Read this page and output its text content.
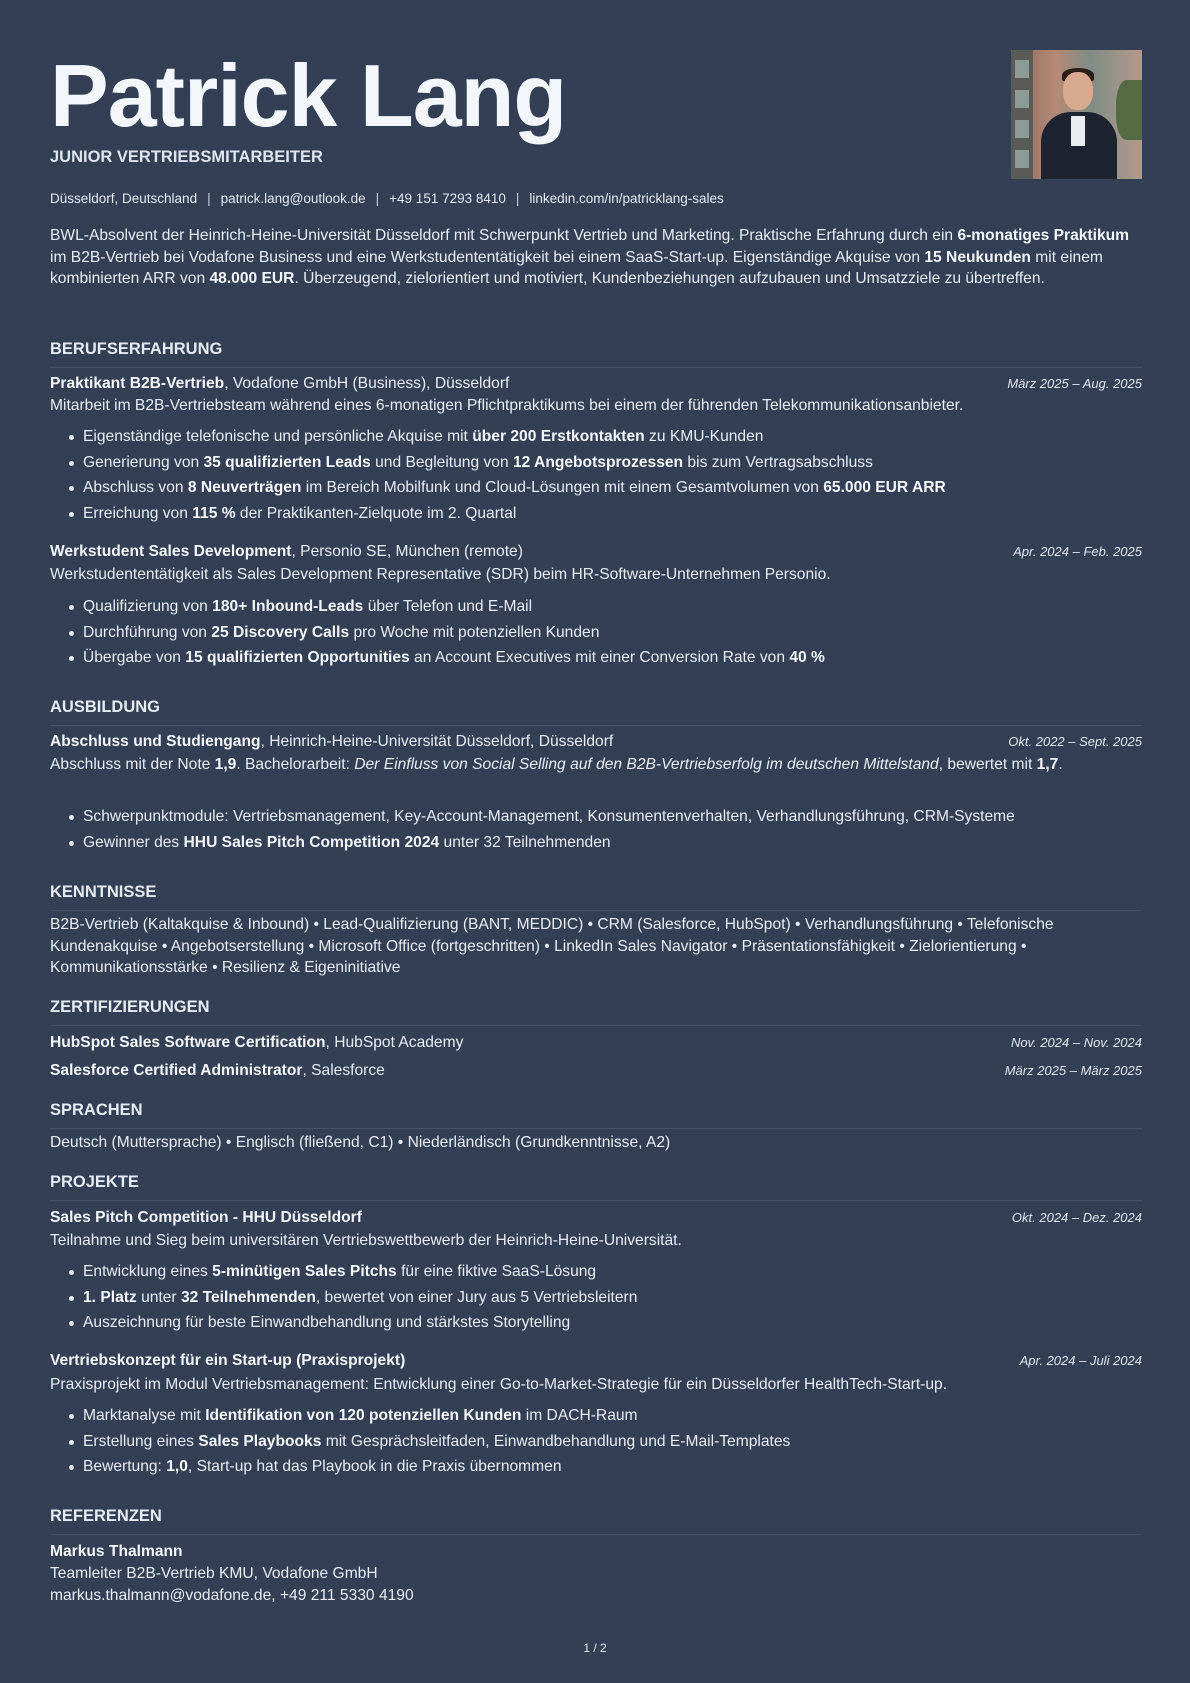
Patrick Lang
JUNIOR VERTRIEBSMITARBEITER
Düsseldorf, Deutschland | patrick.lang@outlook.de | +49 151 7293 8410 | linkedin.com/in/patricklang-sales
BWL-Absolvent der Heinrich-Heine-Universität Düsseldorf mit Schwerpunkt Vertrieb und Marketing. Praktische Erfahrung durch ein 6-monatiges Praktikum im B2B-Vertrieb bei Vodafone Business und eine Werkstudententätigkeit bei einem SaaS-Start-up. Eigenständige Akquise von 15 Neukunden mit einem kombinierten ARR von 48.000 EUR. Überzeugend, zielorientiert und motiviert, Kundenbeziehungen aufzubauen und Umsatzziele zu übertreffen.
BERUFSERFAHRUNG
Praktikant B2B-Vertrieb, Vodafone GmbH (Business), Düsseldorf	März 2025 – Aug. 2025
Mitarbeit im B2B-Vertriebsteam während eines 6-monatigen Pflichtpraktikums bei einem der führenden Telekommunikationsanbieter.
Eigenständige telefonische und persönliche Akquise mit über 200 Erstkontakten zu KMU-Kunden
Generierung von 35 qualifizierten Leads und Begleitung von 12 Angebotsprozessen bis zum Vertragsabschluss
Abschluss von 8 Neuverträgen im Bereich Mobilfunk und Cloud-Lösungen mit einem Gesamtvolumen von 65.000 EUR ARR
Erreichung von 115 % der Praktikanten-Zielquote im 2. Quartal
Werkstudent Sales Development, Personio SE, München (remote)	Apr. 2024 – Feb. 2025
Werkstudententätigkeit als Sales Development Representative (SDR) beim HR-Software-Unternehmen Personio.
Qualifizierung von 180+ Inbound-Leads über Telefon und E-Mail
Durchführung von 25 Discovery Calls pro Woche mit potenziellen Kunden
Übergabe von 15 qualifizierten Opportunities an Account Executives mit einer Conversion Rate von 40 %
AUSBILDUNG
Abschluss und Studiengang, Heinrich-Heine-Universität Düsseldorf, Düsseldorf	Okt. 2022 – Sept. 2025
Abschluss mit der Note 1,9. Bachelorarbeit: Der Einfluss von Social Selling auf den B2B-Vertriebserfolg im deutschen Mittelstand, bewertet mit 1,7.
Schwerpunktmodule: Vertriebsmanagement, Key-Account-Management, Konsumentenverhalten, Verhandlungsführung, CRM-Systeme
Gewinner des HHU Sales Pitch Competition 2024 unter 32 Teilnehmenden
KENNTNISSE
B2B-Vertrieb (Kaltakquise & Inbound) • Lead-Qualifizierung (BANT, MEDDIC) • CRM (Salesforce, HubSpot) • Verhandlungsführung • Telefonische Kundenakquise • Angebotserstellung • Microsoft Office (fortgeschritten) • LinkedIn Sales Navigator • Präsentationsfähigkeit • Zielorientierung • Kommunikationsstärke • Resilienz & Eigeninitiative
ZERTIFIZIERUNGEN
HubSpot Sales Software Certification, HubSpot Academy	Nov. 2024 – Nov. 2024
Salesforce Certified Administrator, Salesforce	März 2025 – März 2025
SPRACHEN
Deutsch (Muttersprache) • Englisch (fließend, C1) • Niederländisch (Grundkenntnisse, A2)
PROJEKTE
Sales Pitch Competition - HHU Düsseldorf	Okt. 2024 – Dez. 2024
Teilnahme und Sieg beim universitären Vertriebswettbewerb der Heinrich-Heine-Universität.
Entwicklung eines 5-minütigen Sales Pitchs für eine fiktive SaaS-Lösung
1. Platz unter 32 Teilnehmenden, bewertet von einer Jury aus 5 Vertriebsleitern
Auszeichnung für beste Einwandbehandlung und stärkstes Storytelling
Vertriebskonzept für ein Start-up (Praxisprojekt)	Apr. 2024 – Juli 2024
Praxisprojekt im Modul Vertriebsmanagement: Entwicklung einer Go-to-Market-Strategie für ein Düsseldorfer HealthTech-Start-up.
Marktanalyse mit Identifikation von 120 potenziellen Kunden im DACH-Raum
Erstellung eines Sales Playbooks mit Gesprächsleitfaden, Einwandbehandlung und E-Mail-Templates
Bewertung: 1,0, Start-up hat das Playbook in die Praxis übernommen
REFERENZEN
Markus Thalmann
Teamleiter B2B-Vertrieb KMU, Vodafone GmbH
markus.thalmann@vodafone.de, +49 211 5330 4190
1 / 2
